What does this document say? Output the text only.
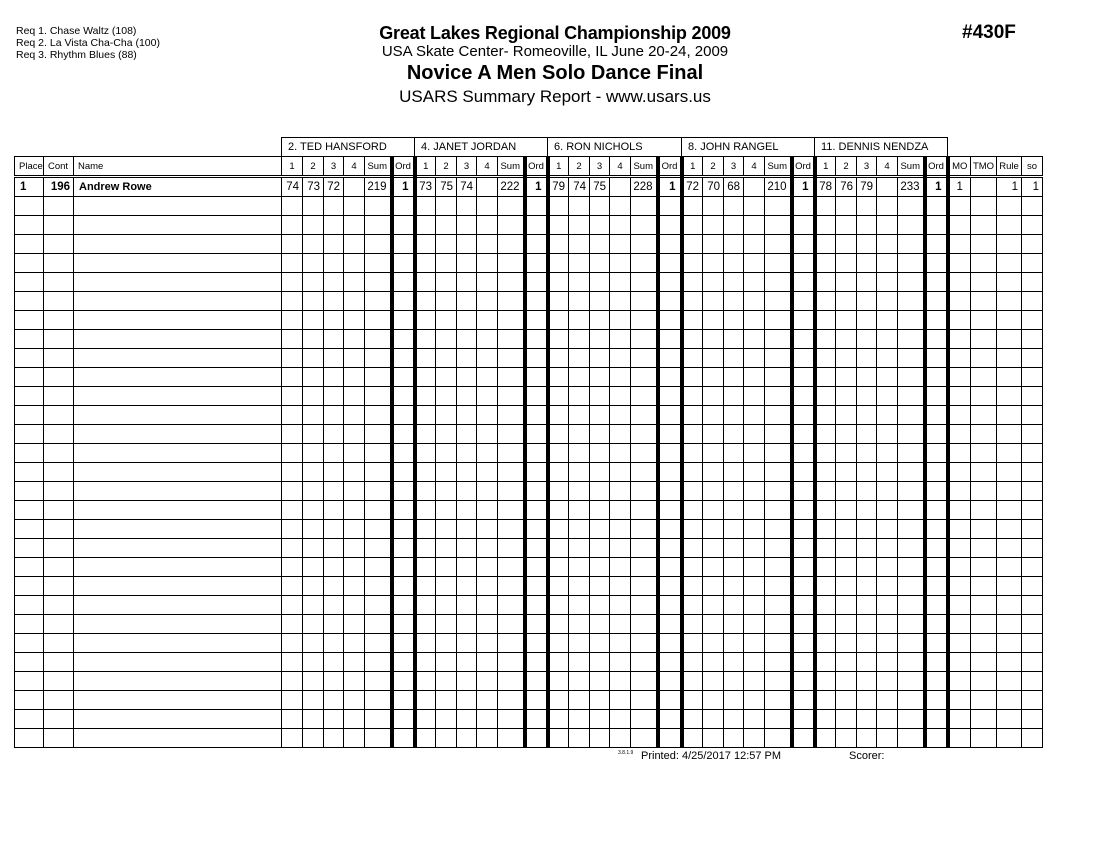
Req 1. Chase Waltz (108)
Req 2. La Vista Cha-Cha (100)
Req 3. Rhythm Blues (88)
Great Lakes Regional Championship 2009
USA Skate Center- Romeoville, IL June 20-24, 2009
Novice A Men Solo Dance Final
USARS Summary Report - www.usars.us
#430F
			2. TED HANSFORD						4. JANET JORDAN						6. RON NICHOLS						8. JOHN RANGEL						11. DENNIS NENDZA									
Place	Cont	Name	1	2	3	4	Sum	Ord	1	2	3	4	Sum	Ord	1	2	3	4	Sum	Ord	1	2	3	4	Sum	Ord	1	2	3	4	Sum	Ord	MO	TMO	Rule	so
1	196	Andrew Rowe	74	73	72		219	1	73	75	74		222	1	79	74	75		228	1	72	70	68		210	1	78	76	79		233	1	1		1	1

3.8.1.9 Printed: 4/25/2017 12:57 PM	Scorer:
